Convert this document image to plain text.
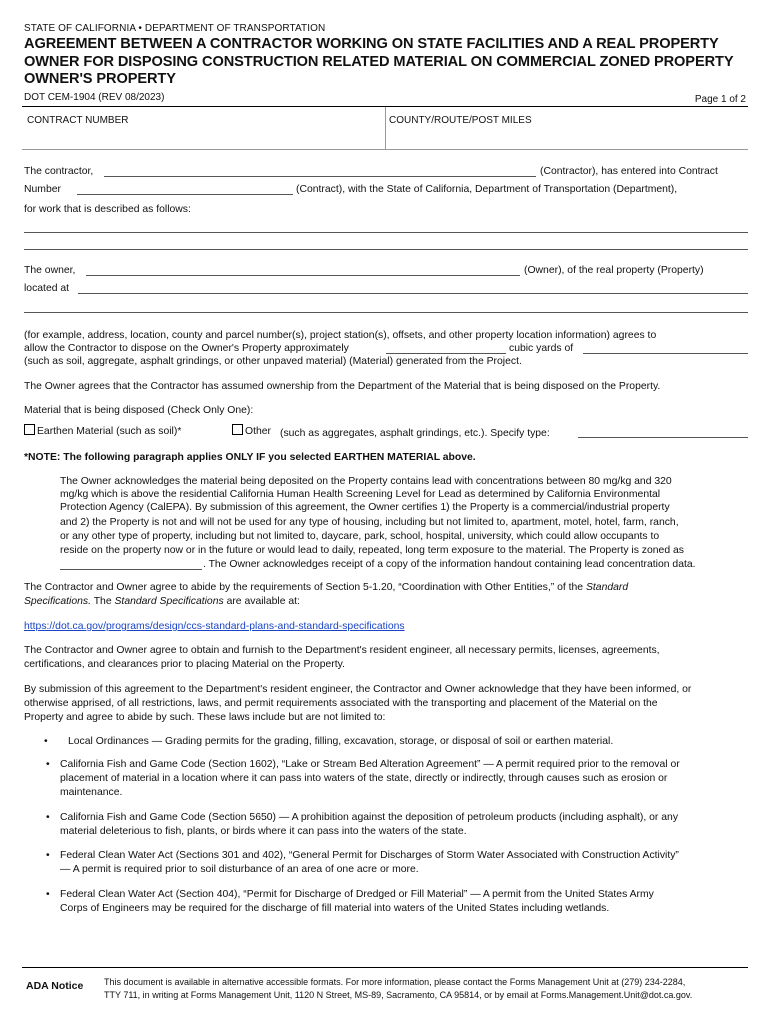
STATE OF CALIFORNIA • DEPARTMENT OF TRANSPORTATION
AGREEMENT BETWEEN A CONTRACTOR WORKING ON STATE FACILITIES AND A REAL PROPERTY OWNER FOR DISPOSING CONSTRUCTION RELATED MATERIAL ON COMMERCIAL ZONED PROPERTY OWNER'S PROPERTY
DOT CEM-1904 (REV 08/2023)	Page 1 of 2
CONTRACT NUMBER	COUNTY/ROUTE/POST MILES
The contractor,	(Contractor), has entered into Contract
Number	(Contract), with the State of California, Department of Transportation (Department),
for work that is described as follows:
The owner,	(Owner), of the real property (Property)
located at
(for example, address, location, county and parcel number(s), project station(s), offsets, and other property location information) agrees to
allow the Contractor to dispose on the Owner's Property approximately	cubic yards of
(such as soil, aggregate, asphalt grindings, or other unpaved material) (Material) generated from the Project.
The Owner agrees that the Contractor has assumed ownership from the Department of the Material that is being disposed on the Property.
Material that is being disposed (Check Only One):
Earthen Material (such as soil)*	Other (such as aggregates, asphalt grindings, etc.). Specify type:
*NOTE: The following paragraph applies ONLY IF you selected EARTHEN MATERIAL above.
The Owner acknowledges the material being deposited on the Property contains lead with concentrations between 80 mg/kg and 320
mg/kg which is above the residential California Human Health Screening Level for Lead as determined by California Environmental
Protection Agency (CalEPA). By submission of this agreement, the Owner certifies 1) the Property is a commercial/industrial property
and 2) the Property is not and will not be used for any type of housing, including but not limited to, apartment, motel, hotel, farm, ranch,
or any other type of property, including but not limited to, daycare, park, school, hospital, university, which could allow occupants to
reside on the property now or in the future or would lead to daily, repeated, long term exposure to the material. The Property is zoned as
. The Owner acknowledges receipt of a copy of the information handout containing lead concentration data.
The Contractor and Owner agree to abide by the requirements of Section 5-1.20, “Coordination with Other Entities,” of the Standard
Specifications. The Standard Specifications are available at:
https://dot.ca.gov/programs/design/ccs-standard-plans-and-standard-specifications
The Contractor and Owner agree to obtain and furnish to the Department's resident engineer, all necessary permits, licenses, agreements,
certifications, and clearances prior to placing Material on the Property.
By submission of this agreement to the Department's resident engineer, the Contractor and Owner acknowledge that they have been informed, or
otherwise apprised, of all restrictions, laws, and permit requirements associated with the transporting and placement of the Material on the
Property and agree to abide by such. These laws include but are not limited to:
• Local Ordinances — Grading permits for the grading, filling, excavation, storage, or disposal of soil or earthen material.
• California Fish and Game Code (Section 1602), “Lake or Stream Bed Alteration Agreement” — A permit required prior to the removal or
placement of material in a location where it can pass into waters of the state, directly or indirectly, through causes such as erosion or
maintenance.
• California Fish and Game Code (Section 5650) — A prohibition against the deposition of petroleum products (including asphalt), or any
material deleterious to fish, plants, or birds where it can pass into the waters of the state.
• Federal Clean Water Act (Sections 301 and 402), “General Permit for Discharges of Storm Water Associated with Construction Activity”
— A permit is required prior to soil disturbance of an area of one acre or more.
• Federal Clean Water Act (Section 404), “Permit for Discharge of Dredged or Fill Material” — A permit from the United States Army
Corps of Engineers may be required for the discharge of fill material into waters of the United States including wetlands.
ADA Notice This document is available in alternative accessible formats. For more information, please contact the Forms Management Unit at (279) 234-2284,
TTY 711, in writing at Forms Management Unit, 1120 N Street, MS-89, Sacramento, CA 95814, or by email at Forms.Management.Unit@dot.ca.gov.
